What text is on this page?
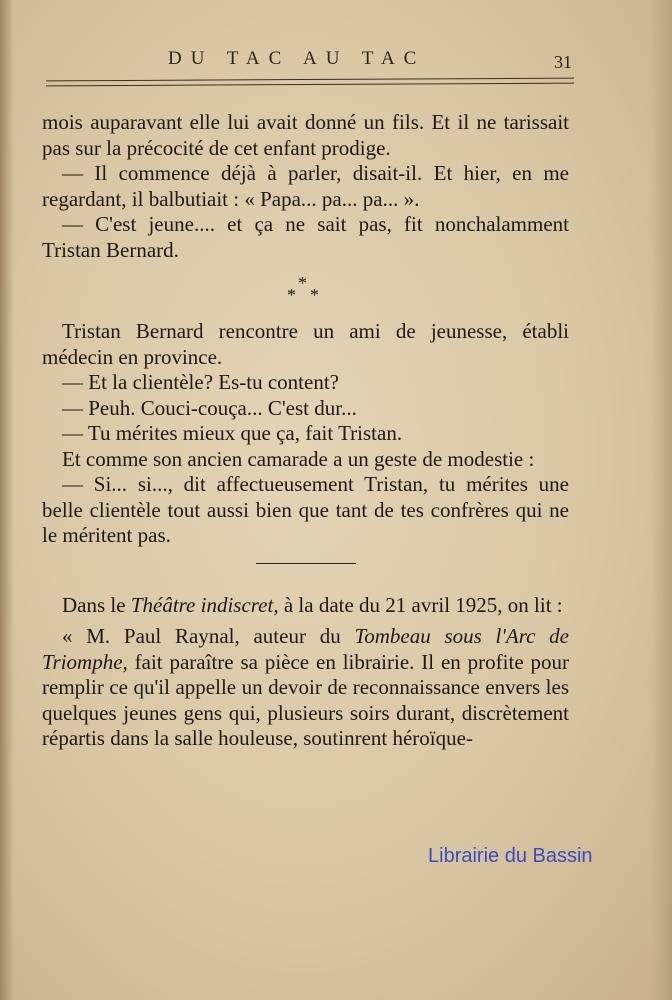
DU TAC AU TAC	31

mois auparavant elle lui avait donné un fils. Et il ne tarissait pas sur la précocité de cet enfant prodige.

— Il commence déjà à parler, disait-il. Et hier, en me regardant, il balbutiait : « Papa... pa... pa... ».

— C'est jeune.... et ça ne sait pas, fit nonchalamment Tristan Bernard.

*
* *

Tristan Bernard rencontre un ami de jeunesse, établi médecin en province.

— Et la clientèle? Es-tu content?

— Peuh. Couci-couça... C'est dur...

— Tu mérites mieux que ça, fait Tristan.

Et comme son ancien camarade a un geste de modestie :

— Si... si..., dit affectueusement Tristan, tu mérites une belle clientèle tout aussi bien que tant de tes confrères qui ne le méritent pas.

Dans le Théâtre indiscret, à la date du 21 avril 1925, on lit :

« M. Paul Raynal, auteur du Tombeau sous l'Arc de Triomphe, fait paraître sa pièce en librairie. Il en profite pour remplir ce qu'il appelle un devoir de reconnaissance envers les quelques jeunes gens qui, plusieurs soirs durant, discrètement répartis dans la salle houleuse, soutinrent héroïque-

Librairie du Bassin
